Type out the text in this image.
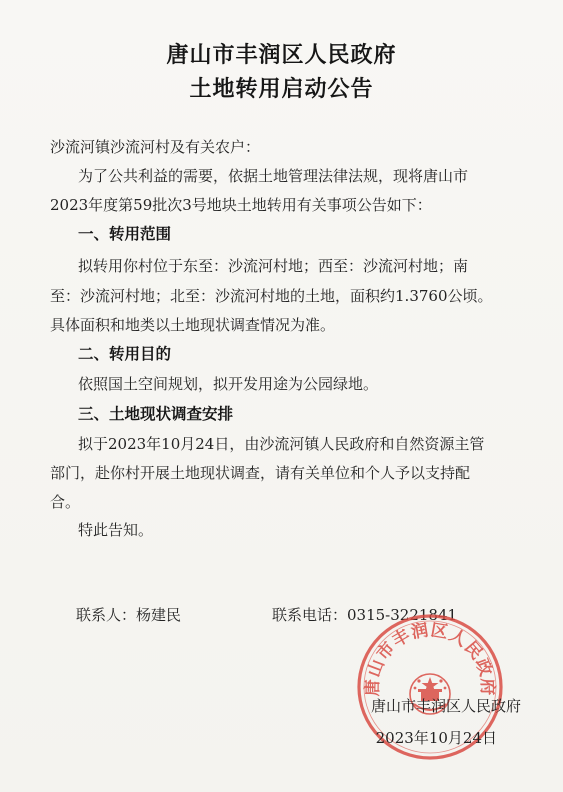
唐山市丰润区人民政府
土地转用启动公告
沙流河镇沙流河村及有关农户：
为了公共利益的需要，依据土地管理法律法规，现将唐山市
2023年度第59批次3号地块土地转用有关事项公告如下：
一、转用范围
拟转用你村位于东至：沙流河村地；西至：沙流河村地；南
至：沙流河村地；北至：沙流河村地的土地，面积约1.3760公顷。
具体面积和地类以土地现状调查情况为准。
二、转用目的
依照国土空间规划，拟开发用途为公园绿地。
三、土地现状调查安排
拟于2023年10月24日，由沙流河镇人民政府和自然资源主管
部门，赴你村开展土地现状调查，请有关单位和个人予以支持配
合。
特此告知。
联系人：杨建民	联系电话：0315-3221841
唐山市丰润区人民政府
唐山市丰润区人民政府
2023年10月24日
